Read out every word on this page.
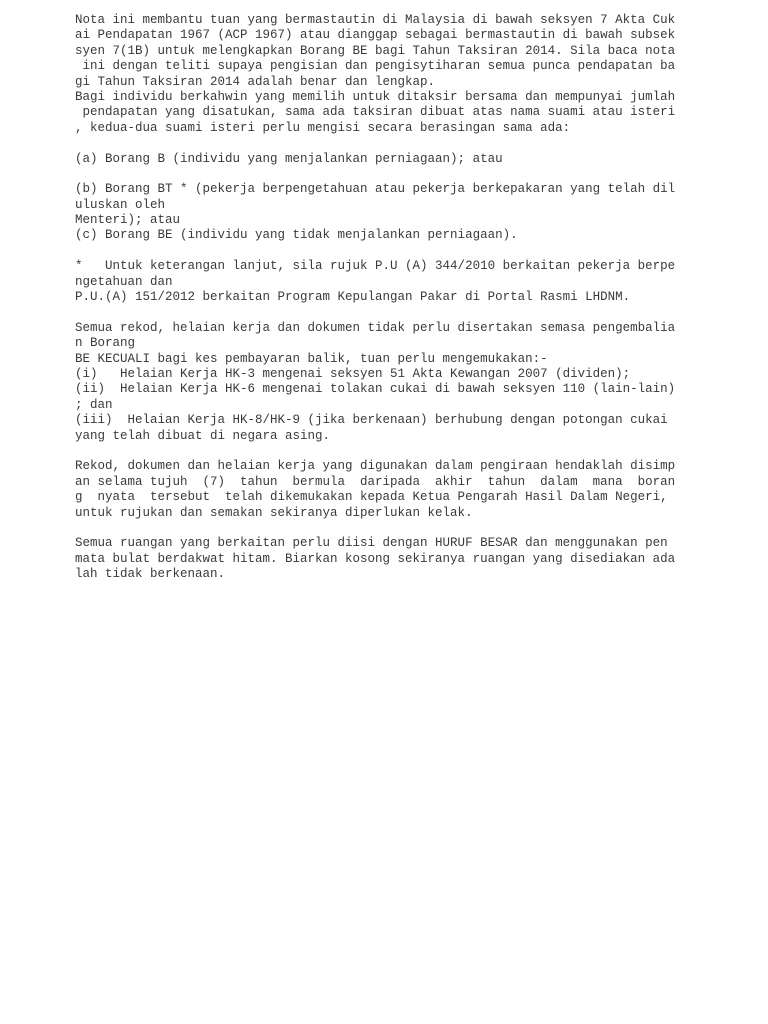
Nota ini membantu tuan yang bermastautin di Malaysia di bawah seksyen 7 Akta Cuk
ai Pendapatan 1967 (ACP 1967) atau dianggap sebagai bermastautin di bawah subsek
syen 7(1B) untuk melengkapkan Borang BE bagi Tahun Taksiran 2014. Sila baca nota
ini dengan teliti supaya pengisian dan pengisytiharan semua punca pendapatan ba
gi Tahun Taksiran 2014 adalah benar dan lengkap.
Bagi individu berkahwin yang memilih untuk ditaksir bersama dan mempunyai jumlah
pendapatan yang disatukan, sama ada taksiran dibuat atas nama suami atau isteri
, kedua-dua suami isteri perlu mengisi secara berasingan sama ada:
(a) Borang B (individu yang menjalankan perniagaan); atau
(b) Borang BT * (pekerja berpengetahuan atau pekerja berkepakaran yang telah dil
uluskan oleh
Menteri); atau
(c) Borang BE (individu yang tidak menjalankan perniagaan).
*   Untuk keterangan lanjut, sila rujuk P.U (A) 344/2010 berkaitan pekerja berpe
ngetahuan dan
P.U.(A) 151/2012 berkaitan Program Kepulangan Pakar di Portal Rasmi LHDNM.
Semua rekod, helaian kerja dan dokumen tidak perlu disertakan semasa pengembalia
n Borang
BE KECUALI bagi kes pembayaran balik, tuan perlu mengemukakan:-
(i)   Helaian Kerja HK-3 mengenai seksyen 51 Akta Kewangan 2007 (dividen);
(ii)  Helaian Kerja HK-6 mengenai tolakan cukai di bawah seksyen 110 (lain-lain)
; dan
(iii)  Helaian Kerja HK-8/HK-9 (jika berkenaan) berhubung dengan potongan cukai
yang telah dibuat di negara asing.
Rekod, dokumen dan helaian kerja yang digunakan dalam pengiraan hendaklah disimp
an selama tujuh  (7)  tahun  bermula  daripada  akhir  tahun  dalam  mana  boran
g  nyata  tersebut  telah dikemukakan kepada Ketua Pengarah Hasil Dalam Negeri,
untuk rujukan dan semakan sekiranya diperlukan kelak.
Semua ruangan yang berkaitan perlu diisi dengan HURUF BESAR dan menggunakan pen
mata bulat berdakwat hitam. Biarkan kosong sekiranya ruangan yang disediakan ada
lah tidak berkenaan.
